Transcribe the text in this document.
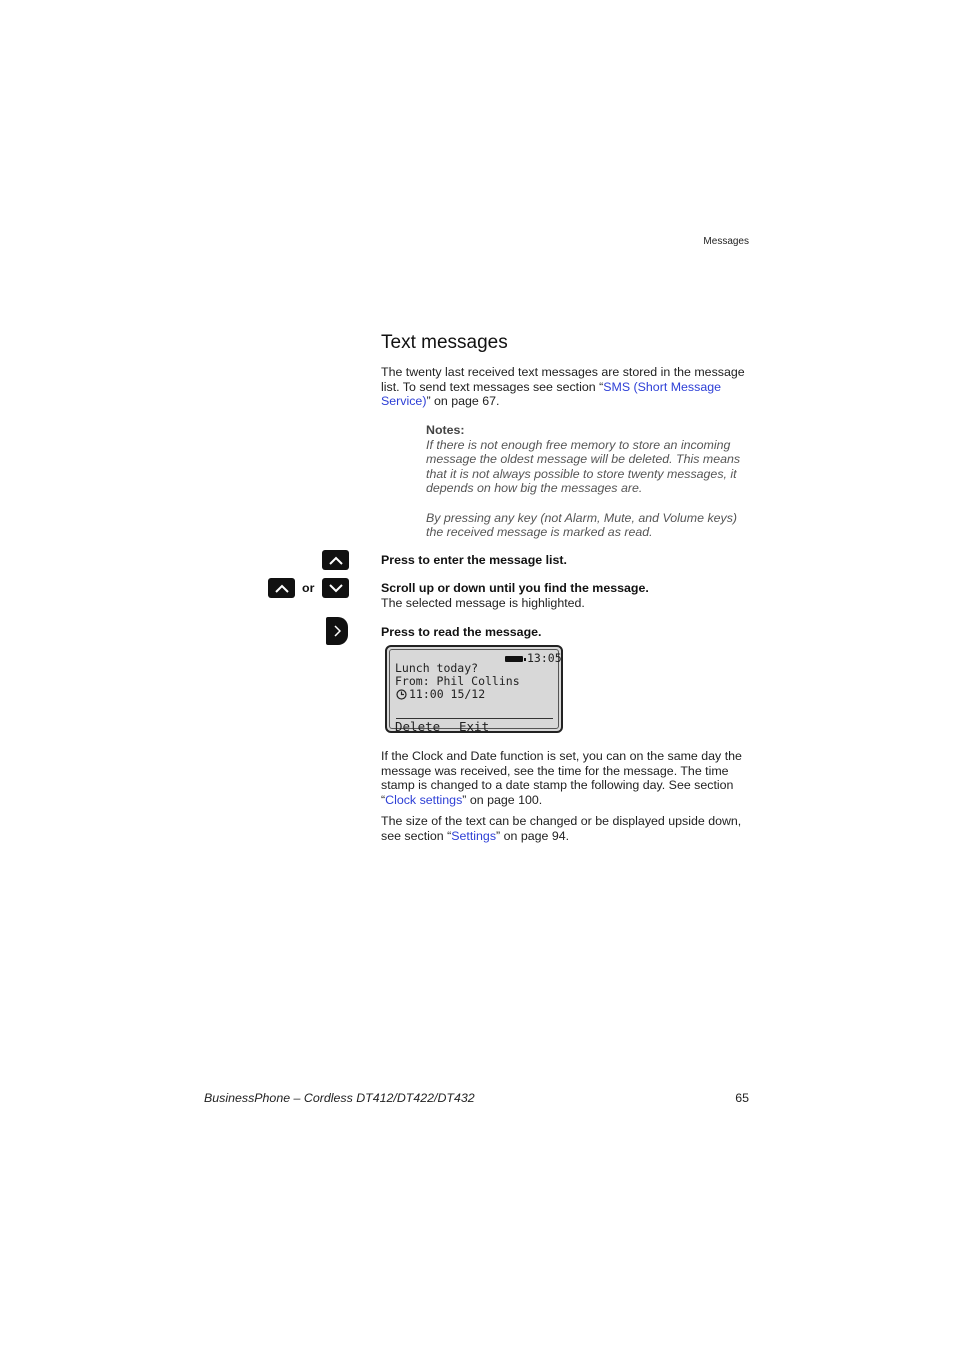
Messages
Text messages
The twenty last received text messages are stored in the message list. To send text messages see section “SMS (Short Message Service)” on page 67.
Notes:

If there is not enough free memory to store an incoming message the oldest message will be deleted. This means that it is not always possible to store twenty messages, it depends on how big the messages are.

By pressing any key (not Alarm, Mute, and Volume keys) the received message is marked as read.

Press to enter the message list.
or	Scroll up or down until you find the message.
The selected message is highlighted.
Press to read the message.
13:05
Lunch today?
From: Phil Collins
11:00 15/12
Delete Exit
If the Clock and Date function is set, you can on the same day the message was received, see the time for the message. The time stamp is changed to a date stamp the following day. See section “Clock settings” on page 100.
The size of the text can be changed or be displayed upside down, see section “Settings” on page 94.
BusinessPhone – Cordless DT412/DT422/DT432	65
